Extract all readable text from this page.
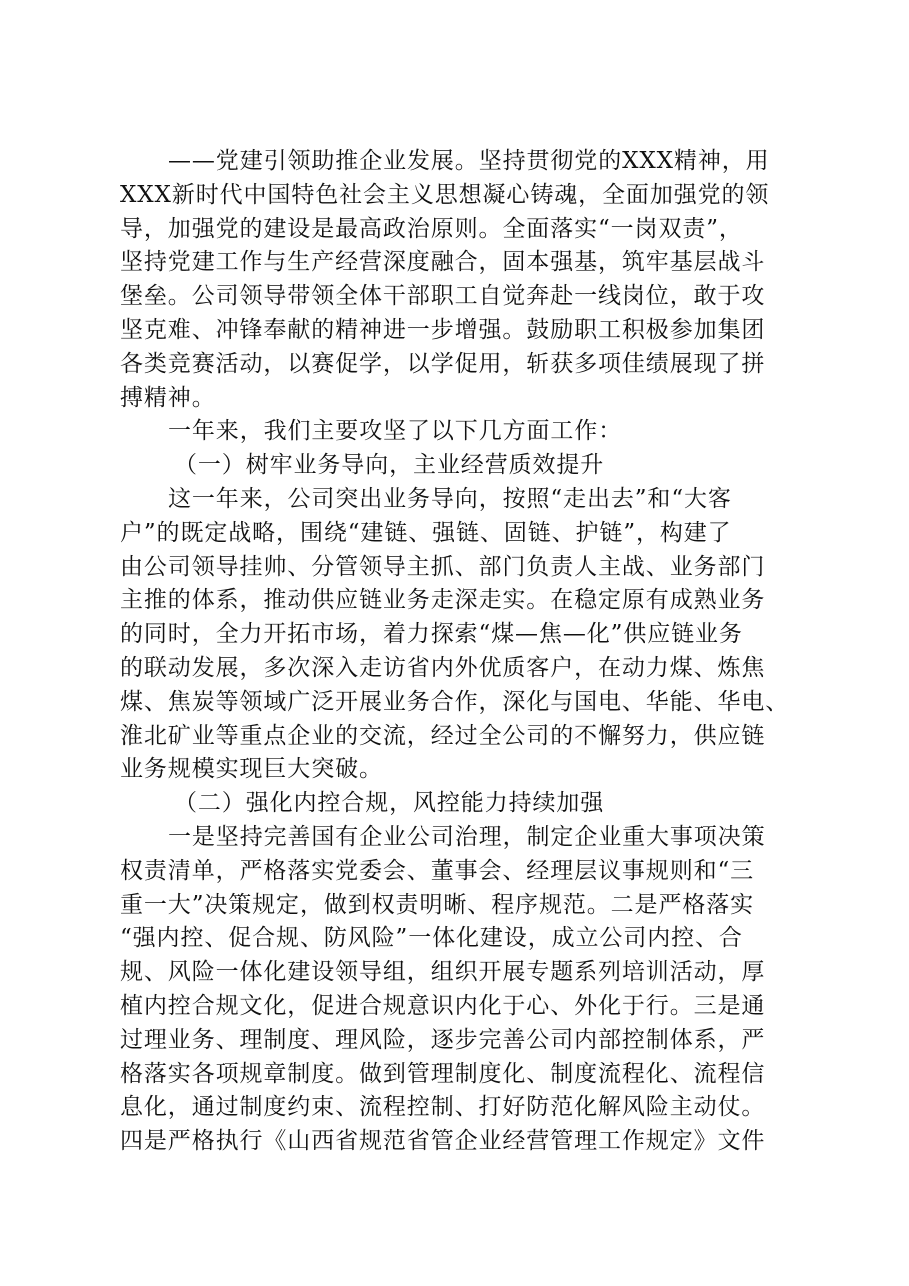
——党建引领助推企业发展。坚持贯彻党的XXX精神，用
XXX新时代中国特色社会主义思想凝心铸魂，全面加强党的领
导，加强党的建设是最高政治原则。全面落实“一岗双责”，
坚持党建工作与生产经营深度融合，固本强基，筑牢基层战斗
堡垒。公司领导带领全体干部职工自觉奔赴一线岗位，敢于攻
坚克难、冲锋奉献的精神进一步增强。鼓励职工积极参加集团
各类竞赛活动，以赛促学，以学促用，斩获多项佳绩展现了拼
搏精神。
一年来，我们主要攻坚了以下几方面工作：
（一）树牢业务导向，主业经营质效提升
这一年来，公司突出业务导向，按照“走出去”和“大客
户”的既定战略，围绕“建链、强链、固链、护链”，构建了
由公司领导挂帅、分管领导主抓、部门负责人主战、业务部门
主推的体系，推动供应链业务走深走实。在稳定原有成熟业务
的同时，全力开拓市场，着力探索“煤—焦—化”供应链业务
的联动发展，多次深入走访省内外优质客户，在动力煤、炼焦
煤、焦炭等领域广泛开展业务合作，深化与国电、华能、华电、
淮北矿业等重点企业的交流，经过全公司的不懈努力，供应链
业务规模实现巨大突破。
（二）强化内控合规，风控能力持续加强
一是坚持完善国有企业公司治理，制定企业重大事项决策
权责清单，严格落实党委会、董事会、经理层议事规则和“三
重一大”决策规定，做到权责明晰、程序规范。二是严格落实
“强内控、促合规、防风险”一体化建设，成立公司内控、合
规、风险一体化建设领导组，组织开展专题系列培训活动，厚
植内控合规文化，促进合规意识内化于心、外化于行。三是通
过理业务、理制度、理风险，逐步完善公司内部控制体系，严
格落实各项规章制度。做到管理制度化、制度流程化、流程信
息化，通过制度约束、流程控制、打好防范化解风险主动仗。
四是严格执行《山西省规范省管企业经营管理工作规定》文件
